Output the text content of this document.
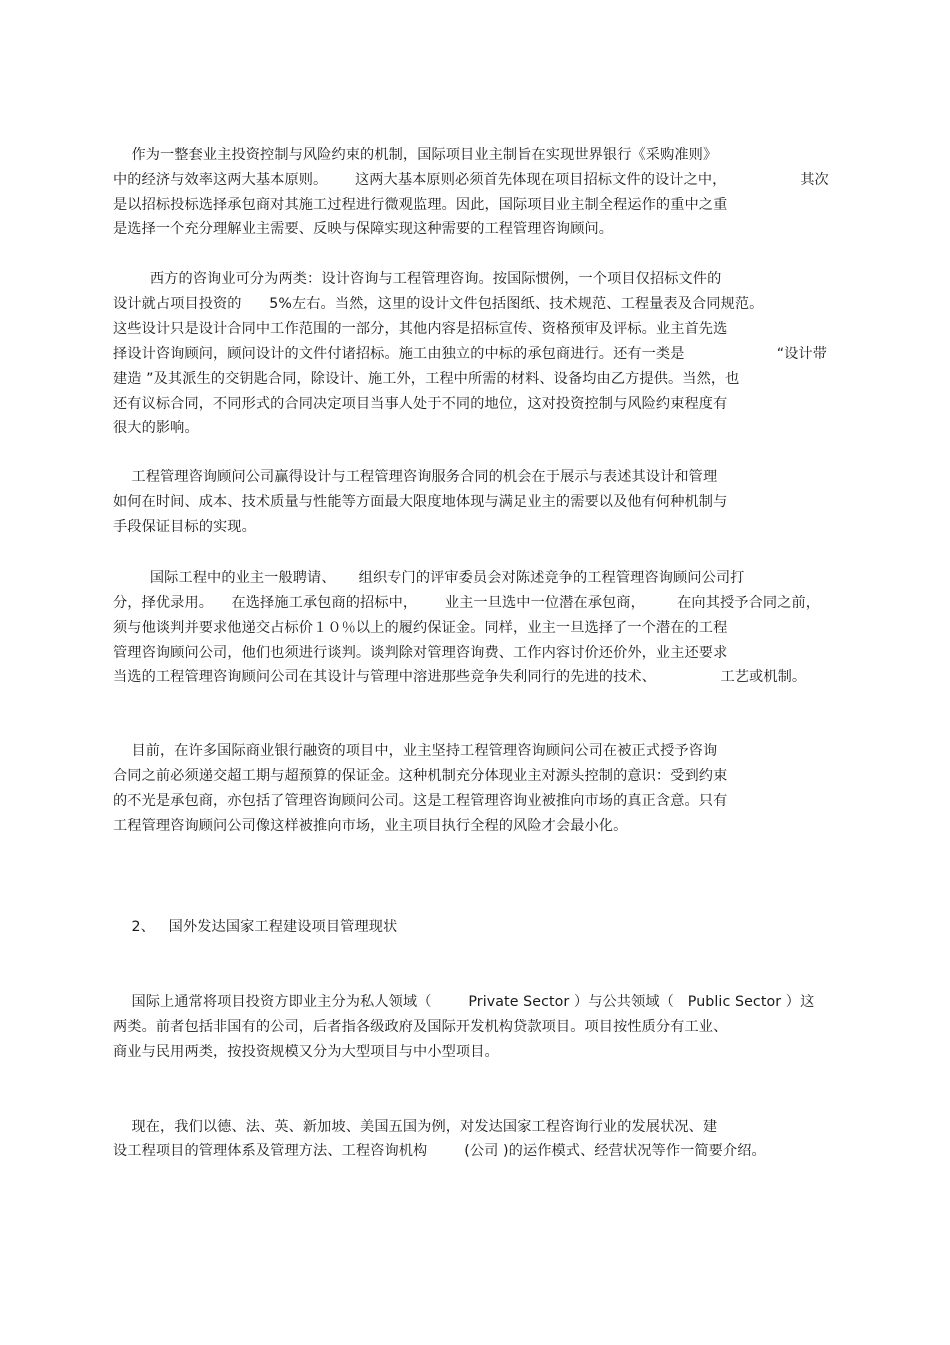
作为一整套业主投资控制与风险约束的机制，国际项目业主制旨在实现世界银行《采购准则》
中的经济与效率这两大基本原则。      这两大基本原则必须首先体现在项目招标文件的设计之中，                其次
是以招标投标选择承包商对其施工过程进行微观监理。因此，国际项目业主制全程运作的重中之重
是选择一个充分理解业主需要、反映与保障实现这种需要的工程管理咨询顾问。
西方的咨询业可分为两类：设计咨询与工程管理咨询。按国际惯例，一个项目仅招标文件的
设计就占项目投资的      5%左右。当然，这里的设计文件包括图纸、技术规范、工程量表及合同规范。
这些设计只是设计合同中工作范围的一部分，其他内容是招标宣传、资格预审及评标。业主首先选
择设计咨询顾问，顾问设计的文件付诸招标。施工由独立的中标的承包商进行。还有一类是                    “设计带
建造 ”及其派生的交钥匙合同，除设计、施工外，工程中所需的材料、设备均由乙方提供。当然，也
还有议标合同，不同形式的合同决定项目当事人处于不同的地位，这对投资控制与风险约束程度有
很大的影响。
工程管理咨询顾问公司赢得设计与工程管理咨询服务合同的机会在于展示与表述其设计和管理
如何在时间、成本、技术质量与性能等方面最大限度地体现与满足业主的需要以及他有何种机制与
手段保证目标的实现。
国际工程中的业主一般聘请、     组织专门的评审委员会对陈述竞争的工程管理咨询顾问公司打
分，择优录用。    在选择施工承包商的招标中，      业主一旦选中一位潜在承包商，       在向其授予合同之前，
须与他谈判并要求他递交占标价１０％以上的履约保证金。同样，业主一旦选择了一个潜在的工程
管理咨询顾问公司，他们也须进行谈判。谈判除对管理咨询费、工作内容讨价还价外，业主还要求
当选的工程管理咨询顾问公司在其设计与管理中溶进那些竞争失利同行的先进的技术、              工艺或机制。
目前，在许多国际商业银行融资的项目中，业主坚持工程管理咨询顾问公司在被正式授予咨询
合同之前必须递交超工期与超预算的保证金。这种机制充分体现业主对源头控制的意识：受到约束
的不光是承包商，亦包括了管理咨询顾问公司。这是工程管理咨询业被推向市场的真正含意。只有
工程管理咨询顾问公司像这样被推向市场，业主项目执行全程的风险才会最小化。
2、   国外发达国家工程建设项目管理现状
国际上通常将项目投资方即业主分为私人领域（        Private Sector ）与公共领域（   Public Sector ）这
两类。前者包括非国有的公司，后者指各级政府及国际开发机构贷款项目。项目按性质分有工业、
商业与民用两类，按投资规模又分为大型项目与中小型项目。
现在，我们以德、法、英、新加坡、美国五国为例，对发达国家工程咨询行业的发展状况、建
设工程项目的管理体系及管理方法、工程咨询机构        (公司 )的运作模式、经营状况等作一简要介绍。
